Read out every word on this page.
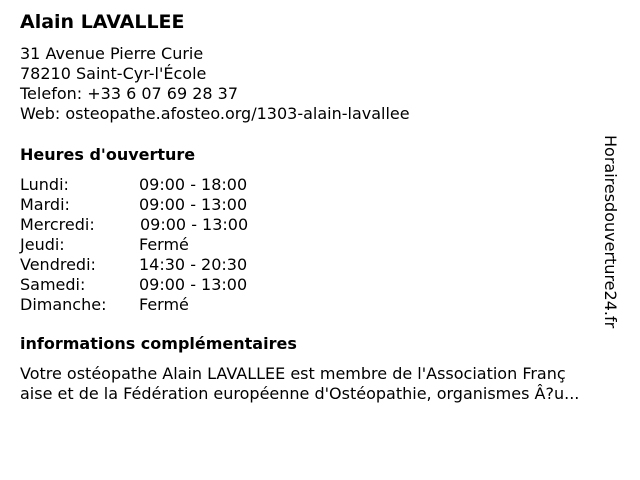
Alain LAVALLEE
31 Avenue Pierre Curie
78210 Saint-Cyr-l'École
Telefon: +33 6 07 69 28 37
Web: osteopathe.afosteo.org/1303-alain-lavallee
Heures d'ouverture
Lundi:	09:00 - 18:00
Mardi:	09:00 - 13:00
Mercredi:	09:00 - 13:00
Jeudi:	Fermé
Vendredi:	14:30 - 20:30
Samedi:	09:00 - 13:00
Dimanche: Fermé
informations complémentaires
Votre ostéopathe Alain LAVALLEE est membre de l'Association Franç
aise et de la Fédération européenne d'Ostéopathie, organismes Â?u...
Horairesdouverture24.fr
